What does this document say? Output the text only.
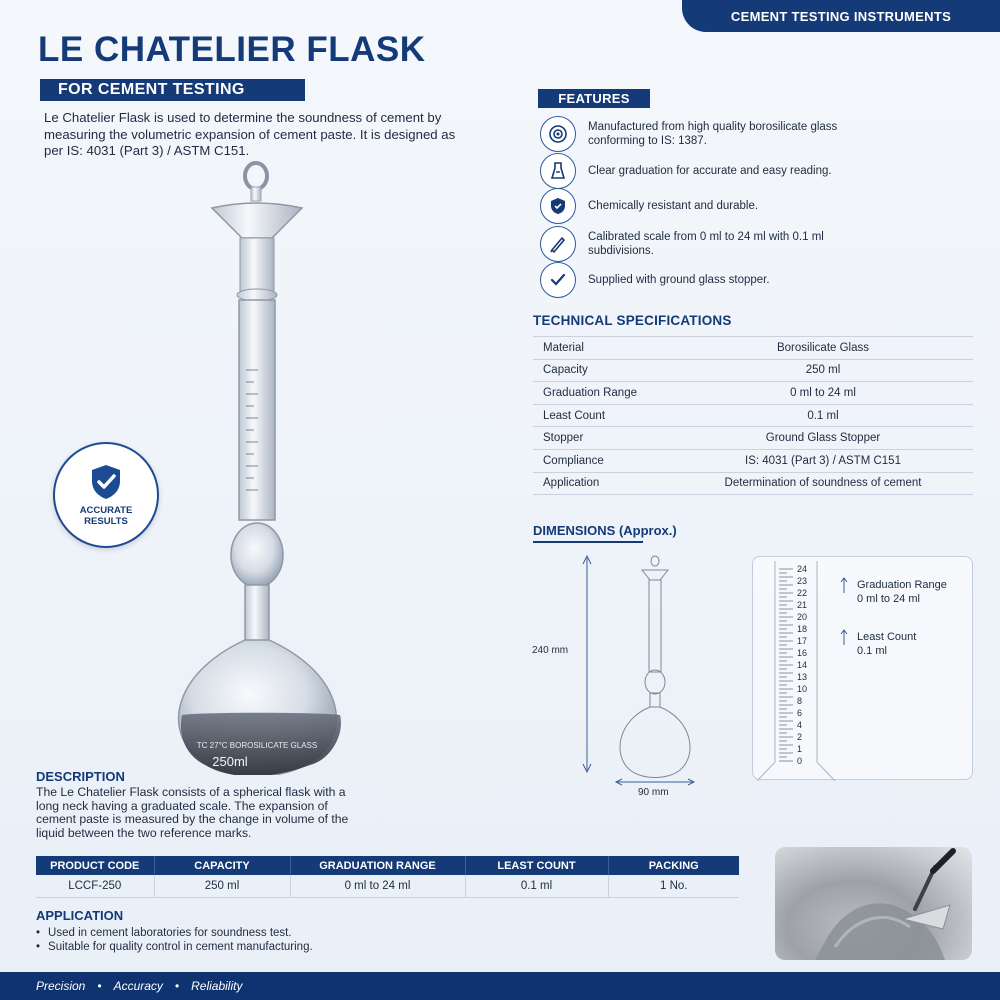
CEMENT TESTING INSTRUMENTS
LE CHATELIER FLASK
FOR CEMENT TESTING

Le Chatelier Flask is used to determine the soundness of cement by measuring the volumetric expansion of cement paste. It is designed as per IS: 4031 (Part 3) / ASTM C151.

TC 27°C BOROSILICATE GLASS
250ml
ACCURATE
RESULTS
FEATURES
Manufactured from high quality borosilicate glass conforming to IS: 1387.
Clear graduation for accurate and easy reading.
Chemically resistant and durable.
Calibrated scale from 0 ml to 24 ml with 0.1 ml subdivisions.
Supplied with ground glass stopper.
TECHNICAL SPECIFICATIONS
Material	Borosilicate Glass
Capacity	250 ml
Graduation Range	0 ml to 24 ml
Least Count	0.1 ml
Stopper	Ground Glass Stopper
Compliance	IS: 4031 (Part 3) / ASTM C151
Application	Determination of soundness of cement
DIMENSIONS (Approx.)
240 mm
90 mm
24
23
22
21
20
18
17
16
14
13
10
8
6
4
2
1
0
Graduation Range
0 ml to 24 ml
Least Count
0.1 ml
DESCRIPTION

The Le Chatelier Flask consists of a spherical flask with a long neck having a graduated scale. The expansion of cement paste is measured by the change in volume of the liquid between the two reference marks.

PRODUCT CODE	CAPACITY	GRADUATION RANGE	LEAST COUNT	PACKING
LCCF-250	250 ml	0 ml to 24 ml	0.1 ml	1 No.
APPLICATION
• Used in cement laboratories for soundness test.
• Suitable for quality control in cement manufacturing.
Precision • Accuracy • Reliability
